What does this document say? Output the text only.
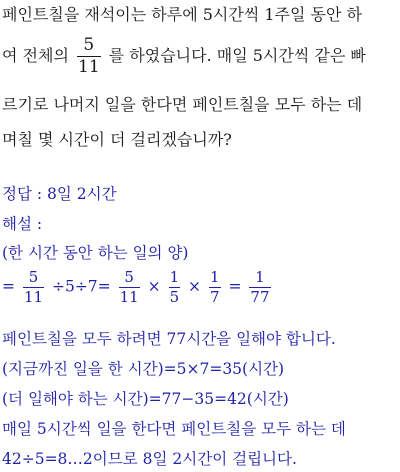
페인트칠을 재석이는 하루에 5시간씩 1주일 동안 하
여 전체의 $\frac{5}{11}$ 를 하였습니다. 매일 5시간씩 같은 빠
르기로 나머지 일을 한다면 페인트칠을 모두 하는 데
며칠 몇 시간이 더 걸리겠습니까?
정답 : 8일 2시간
해설 :
(한 시간 동안 하는 일의 양)
= $\frac{5}{11} \div 5\div 7= \frac{5}{11} \times \frac{1}{5} \times \frac{1}{7} = \frac{1}{77}$
페인트칠을 모두 하려면 77시간을 일해야 합니다.
(지금까진 일을 한 시간)=5×7=35(시간)
(더 일해야 하는 시간)=77−35=42(시간)
매일 5시간씩 일을 한다면 페인트칠을 모두 하는 데
42÷5=8…2이므로 8일 2시간이 걸립니다.
